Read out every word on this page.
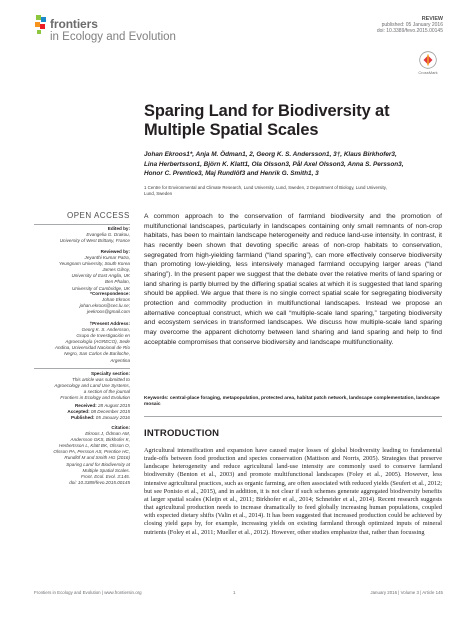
frontiers
in Ecology and Evolution
REVIEW
published: 05 January 2016
doi: 10.3389/fevo.2015.00145
CrossMark
Sparing Land for Biodiversity at Multiple Spatial Scales
Johan Ekroos1*, Anja M. Ödman1, 2, Georg K. S. Andersson1, 3†, Klaus Birkhofer3,
Lina Herbertsson1, Björn K. Klatt1, Ola Olsson3, Pål Axel Olsson3, Anna S. Persson3,
Honor C. Prentice3, Maj Rundlöf3 and Henrik G. Smith1, 3
1 Centre for Environmental and Climate Research, Lund University, Lund, Sweden, 2 Department of Biology, Lund University,
Lund, Sweden
OPEN ACCESS
Edited by:
Evangelia G. Drakou,
University of West Brittany, France
Reviewed by:
Jeyanthi Kumar Patra,
Yeungnam University, South Korea
James Gilroy,
University of East Anglia, UK
Ben Phalan,
University of Cambridge, UK
*Correspondence:
Johan Ekroos
johan.ekroos@cec.lu.se;
jeekroos@gmail.com
†Present Address:
Georg K. S. Andersson,
Grupo de Investigación en
Agroecología (AGRECO), Sede
Andina, Universidad Nacional de Río
Negro, San Carlos de Bariloche,
Argentina
Specialty section:
This article was submitted to
Agroecology and Land Use Systems,
a section of the journal
Frontiers in Ecology and Evolution
Received: 28 August 2015
Accepted: 08 December 2015
Published: 05 January 2016
Citation:
Ekroos J, Ödman AM,
Andersson GKS, Birkhofer K,
Herbertsson L, Klatt BK, Olsson O,
Olsson PA, Persson AS, Prentice HC,
Rundlöf M and Smith HG (2016)
Sparing Land for Biodiversity at
Multiple Spatial Scales.
Front. Ecol. Evol. 3:145.
doi: 10.3389/fevo.2015.00145
A common approach to the conservation of farmland biodiversity and the promotion of multifunctional landscapes, particularly in landscapes containing only small remnants of non-crop habitats, has been to maintain landscape heterogeneity and reduce land-use intensity. In contrast, it has recently been shown that devoting specific areas of non-crop habitats to conservation, segregated from high-yielding farmland (“land sparing”), can more effectively conserve biodiversity than promoting low-yielding, less intensively managed farmland occupying larger areas (“land sharing”). In the present paper we suggest that the debate over the relative merits of land sparing or land sharing is partly blurred by the differing spatial scales at which it is suggested that land sparing should be applied. We argue that there is no single correct spatial scale for segregating biodiversity protection and commodity production in multifunctional landscapes. Instead we propose an alternative conceptual construct, which we call “multiple-scale land sparing,” targeting biodiversity and ecosystem services in transformed landscapes. We discuss how multiple-scale land sparing may overcome the apparent dichotomy between land sharing and land sparing and help to find acceptable compromises that conserve biodiversity and landscape multifunctionality.
Keywords: central-place foraging, metapopulation, protected area, habitat patch network, landscape complementation, landscape mosaic
INTRODUCTION
Agricultural intensification and expansion have caused major losses of global biodiversity leading to fundamental trade-offs between food production and species conservation (Mattison and Norris, 2005). Strategies that preserve landscape heterogeneity and reduce agricultural land-use intensity are commonly used to conserve farmland biodiversity (Benton et al., 2003) and promote multifunctional landscapes (Foley et al., 2005). However, less intensive agricultural practices, such as organic farming, are often associated with reduced yields (Seufert et al., 2012; but see Ponisio et al., 2015), and in addition, it is not clear if such schemes generate aggregated biodiversity benefits at larger spatial scales (Kleijn et al., 2011; Birkhofer et al., 2014; Schneider et al., 2014). Recent research suggests that agricultural production needs to increase dramatically to feed globally increasing human populations, coupled with expected dietary shifts (Valin et al., 2014). It has been suggested that increased production could be achieved by closing yield gaps by, for example, increasing yields on existing farmland through optimized inputs of mineral nutrients (Foley et al., 2011; Mueller et al., 2012). However, other studies emphasize that, rather than focussing
Frontiers in Ecology and Evolution | www.frontiersin.org	1	January 2016 | Volume 3 | Article 145
